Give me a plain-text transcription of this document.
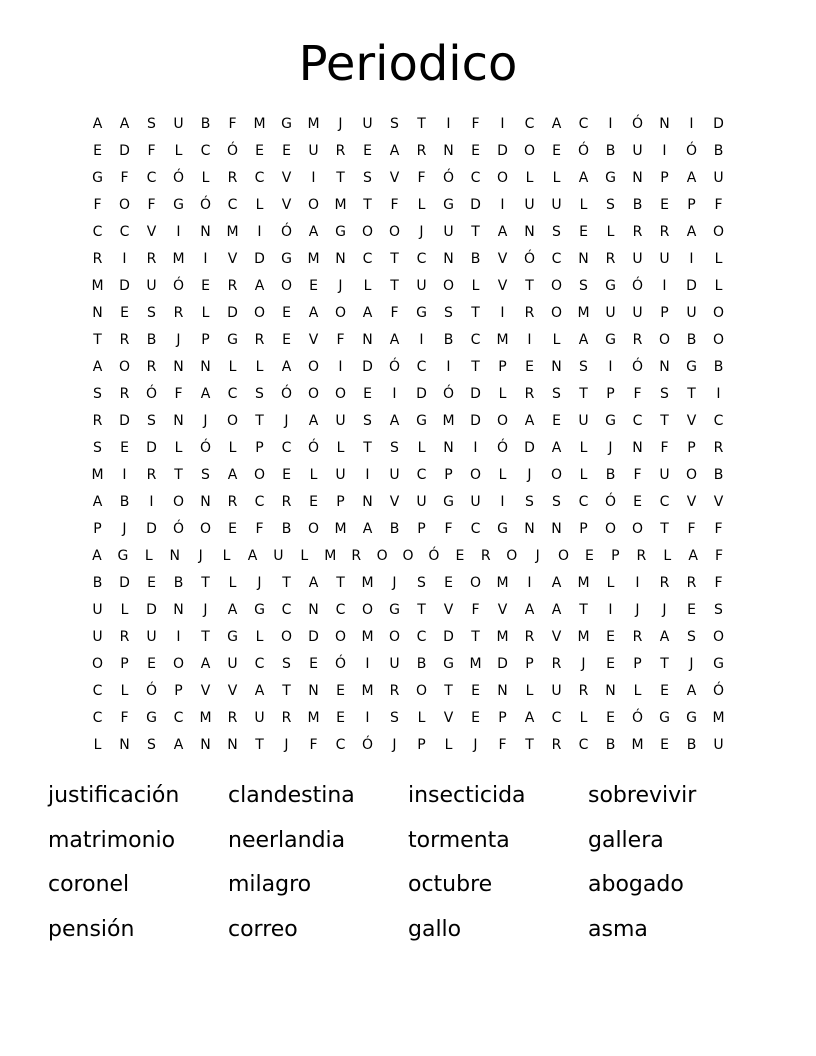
Periodico
A	A	S	U	B	F	M	G	M	J	U	S	T	I	F	I	C	A	C	I	Ó	N	I	D
E	D	F	L	C	Ó	E	E	U	R	E	A	R	N	E	D	O	E	Ó	B	U	I	Ó	B
G	F	C	Ó	L	R	C	V	I	T	S	V	F	Ó	C	O	L	L	A	G	N	P	A	U
F	O	F	G	Ó	C	L	V	O	M	T	F	L	G	D	I	U	U	L	S	B	E	P	F
C	C	V	I	N	M	I	Ó	A	G	O	O	J	U	T	A	N	S	E	L	R	R	A	O
R	I	R	M	I	V	D	G	M	N	C	T	C	N	B	V	Ó	C	N	R	U	U	I	L
M	D	U	Ó	E	R	A	O	E	J	L	T	U	O	L	V	T	O	S	G	Ó	I	D	L
N	E	S	R	L	D	O	E	A	O	A	F	G	S	T	I	R	O	M	U	U	P	U	O
T	R	B	J	P	G	R	E	V	F	N	A	I	B	C	M	I	L	A	G	R	O	B	O
A	O	R	N	N	L	L	A	O	I	D	Ó	C	I	T	P	E	N	S	I	Ó	N	G	B
S	R	Ó	F	A	C	S	Ó	O	O	E	I	D	Ó	D	L	R	S	T	P	F	S	T	I
R	D	S	N	J	O	T	J	A	U	S	A	G	M	D	O	A	E	U	G	C	T	V	C
S	E	D	L	Ó	L	P	C	Ó	L	T	S	L	N	I	Ó	D	A	L	J	N	F	P	R
M	I	R	T	S	A	O	E	L	U	I	U	C	P	O	L	J	O	L	B	F	U	O	B
A	B	I	O	N	R	C	R	E	P	N	V	U	G	U	I	S	S	C	Ó	E	C	V	V
P	J	D	Ó	O	E	F	B	O	M	A	B	P	F	C	G	N	N	P	O	O	T	F	F
A	G	L	N	J	L	A	U	L	M	R	O	O	Ó	E	R	O	J	O	E	P	R	L	A	F
B	D	E	B	T	L	J	T	A	T	M	J	S	E	O	M	I	A	M	L	I	R	R	F
U	L	D	N	J	A	G	C	N	C	O	G	T	V	F	V	A	A	T	I	J	J	E	S
U	R	U	I	T	G	L	O	D	O	M	O	C	D	T	M	R	V	M	E	R	A	S	O
O	P	E	O	A	U	C	S	E	Ó	I	U	B	G	M	D	P	R	J	E	P	T	J	G
C	L	Ó	P	V	V	A	T	N	E	M	R	O	T	E	N	L	U	R	N	L	E	A	Ó
C	F	G	C	M	R	U	R	M	E	I	S	L	V	E	P	A	C	L	E	Ó	G	G	M
L	N	S	A	N	N	T	J	F	C	Ó	J	P	L	J	F	T	R	C	B	M	E	B	U
justificación	clandestina	insecticida	sobrevivir
matrimonio	neerlandia	tormenta	gallera
coronel	milagro	octubre	abogado
pensión	correo	gallo	asma
